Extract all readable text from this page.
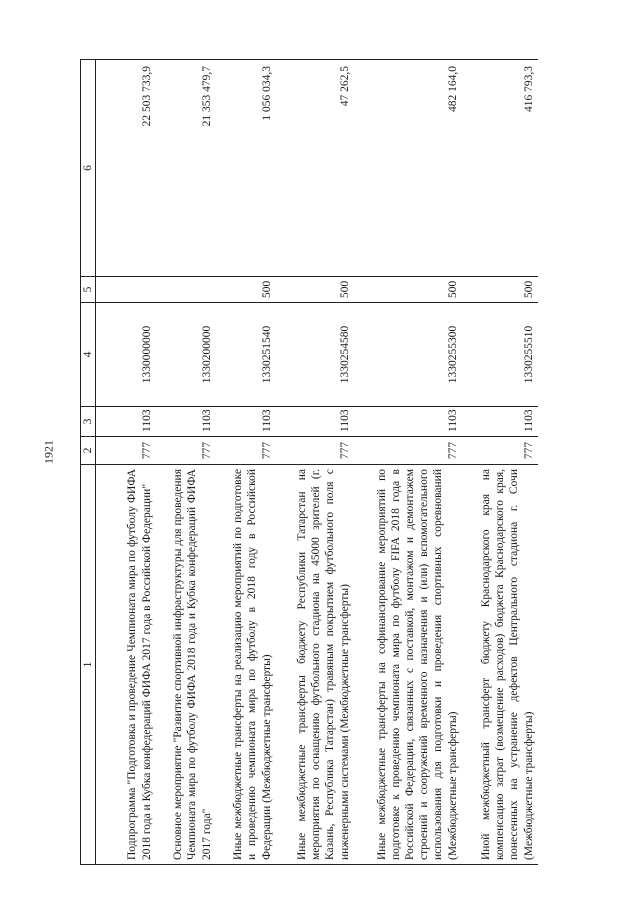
1921
1	2	3	4	5	6
Подпрограмма "Подготовка и проведение Чемпионата мира по футболу ФИФА 2018 года и Кубка конфедераций ФИФА 2017 года в Российской Федерации"	777	1103	1330000000		22 503 733,9
Основное мероприятие "Развитие спортивной инфраструктуры для проведения Чемпионата мира по футболу ФИФА 2018 года и Кубка конфедераций ФИФА 2017 года"	777	1103	1330200000		21 353 479,7
Иные межбюджетные трансферты на реализацию мероприятий по подготовке и проведению чемпионата мира по футболу в 2018 году в Российской Федерации (Межбюджетные трансферты)	777	1103	1330251540	500	1 056 034,3
Иные межбюджетные трансферты бюджету Республики Татарстан на мероприятия по оснащению футбольного стадиона на 45000 зрителей (г. Казань, Республика Татарстан) травяным покрытием футбольного поля с инженерными системами (Межбюджетные трансферты)	777	1103	1330254580	500	47 262,5
Иные межбюджетные трансферты на софинансирование мероприятий по подготовке к проведению чемпионата мира по футболу FIFA 2018 года в Российской Федерации, связанных с поставкой, монтажом и демонтажем строений и сооружений временного назначения и (или) вспомогательного использования для подготовки и проведения спортивных соревнований (Межбюджетные трансферты)	777	1103	1330255300	500	482 164,0
Иной межбюджетный трансферт бюджету Краснодарского края на компенсацию затрат (возмещение расходов) бюджета Краснодарского края, понесенных на устранение дефектов Центрального стадиона г. Сочи (Межбюджетные трансферты)	777	1103	1330255510	500	416 793,3
